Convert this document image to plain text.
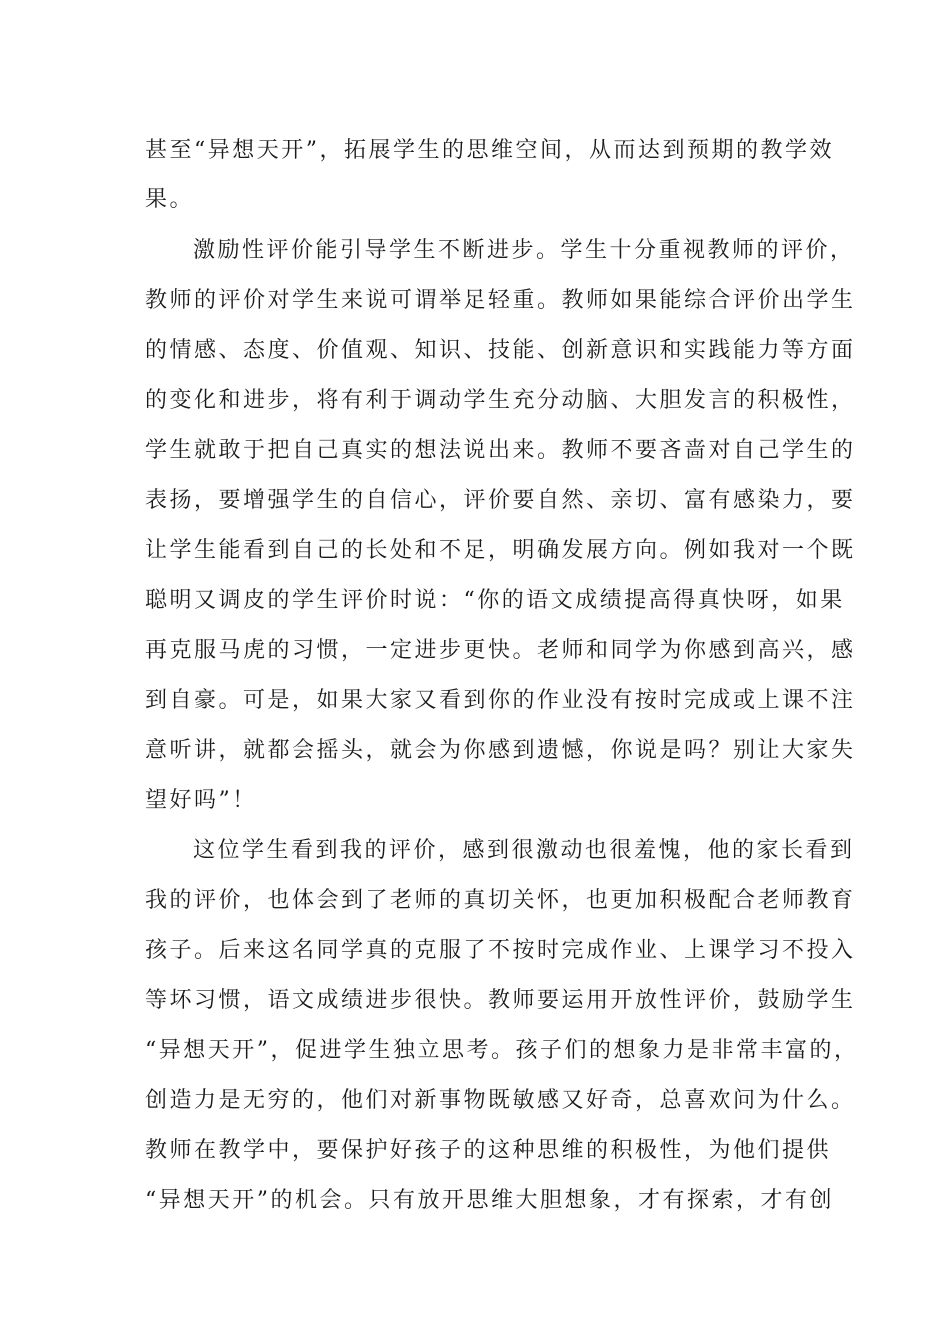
甚至“异想天开”，拓展学生的思维空间，从而达到预期的教学效
果。
激励性评价能引导学生不断进步。学生十分重视教师的评价，
教师的评价对学生来说可谓举足轻重。教师如果能综合评价出学生
的情感、态度、价值观、知识、技能、创新意识和实践能力等方面
的变化和进步，将有利于调动学生充分动脑、大胆发言的积极性，
学生就敢于把自己真实的想法说出来。教师不要吝啬对自己学生的
表扬，要增强学生的自信心，评价要自然、亲切、富有感染力，要
让学生能看到自己的长处和不足，明确发展方向。例如我对一个既
聪明又调皮的学生评价时说：“你的语文成绩提高得真快呀，如果
再克服马虎的习惯，一定进步更快。老师和同学为你感到高兴，感
到自豪。可是，如果大家又看到你的作业没有按时完成或上课不注
意听讲，就都会摇头，就会为你感到遗憾，你说是吗？别让大家失
望好吗”！
这位学生看到我的评价，感到很激动也很羞愧，他的家长看到
我的评价，也体会到了老师的真切关怀，也更加积极配合老师教育
孩子。后来这名同学真的克服了不按时完成作业、上课学习不投入
等坏习惯，语文成绩进步很快。教师要运用开放性评价，鼓励学生
“异想天开”，促进学生独立思考。孩子们的想象力是非常丰富的，
创造力是无穷的，他们对新事物既敏感又好奇，总喜欢问为什么。
教师在教学中，要保护好孩子的这种思维的积极性，为他们提供
“异想天开”的机会。只有放开思维大胆想象，才有探索，才有创
